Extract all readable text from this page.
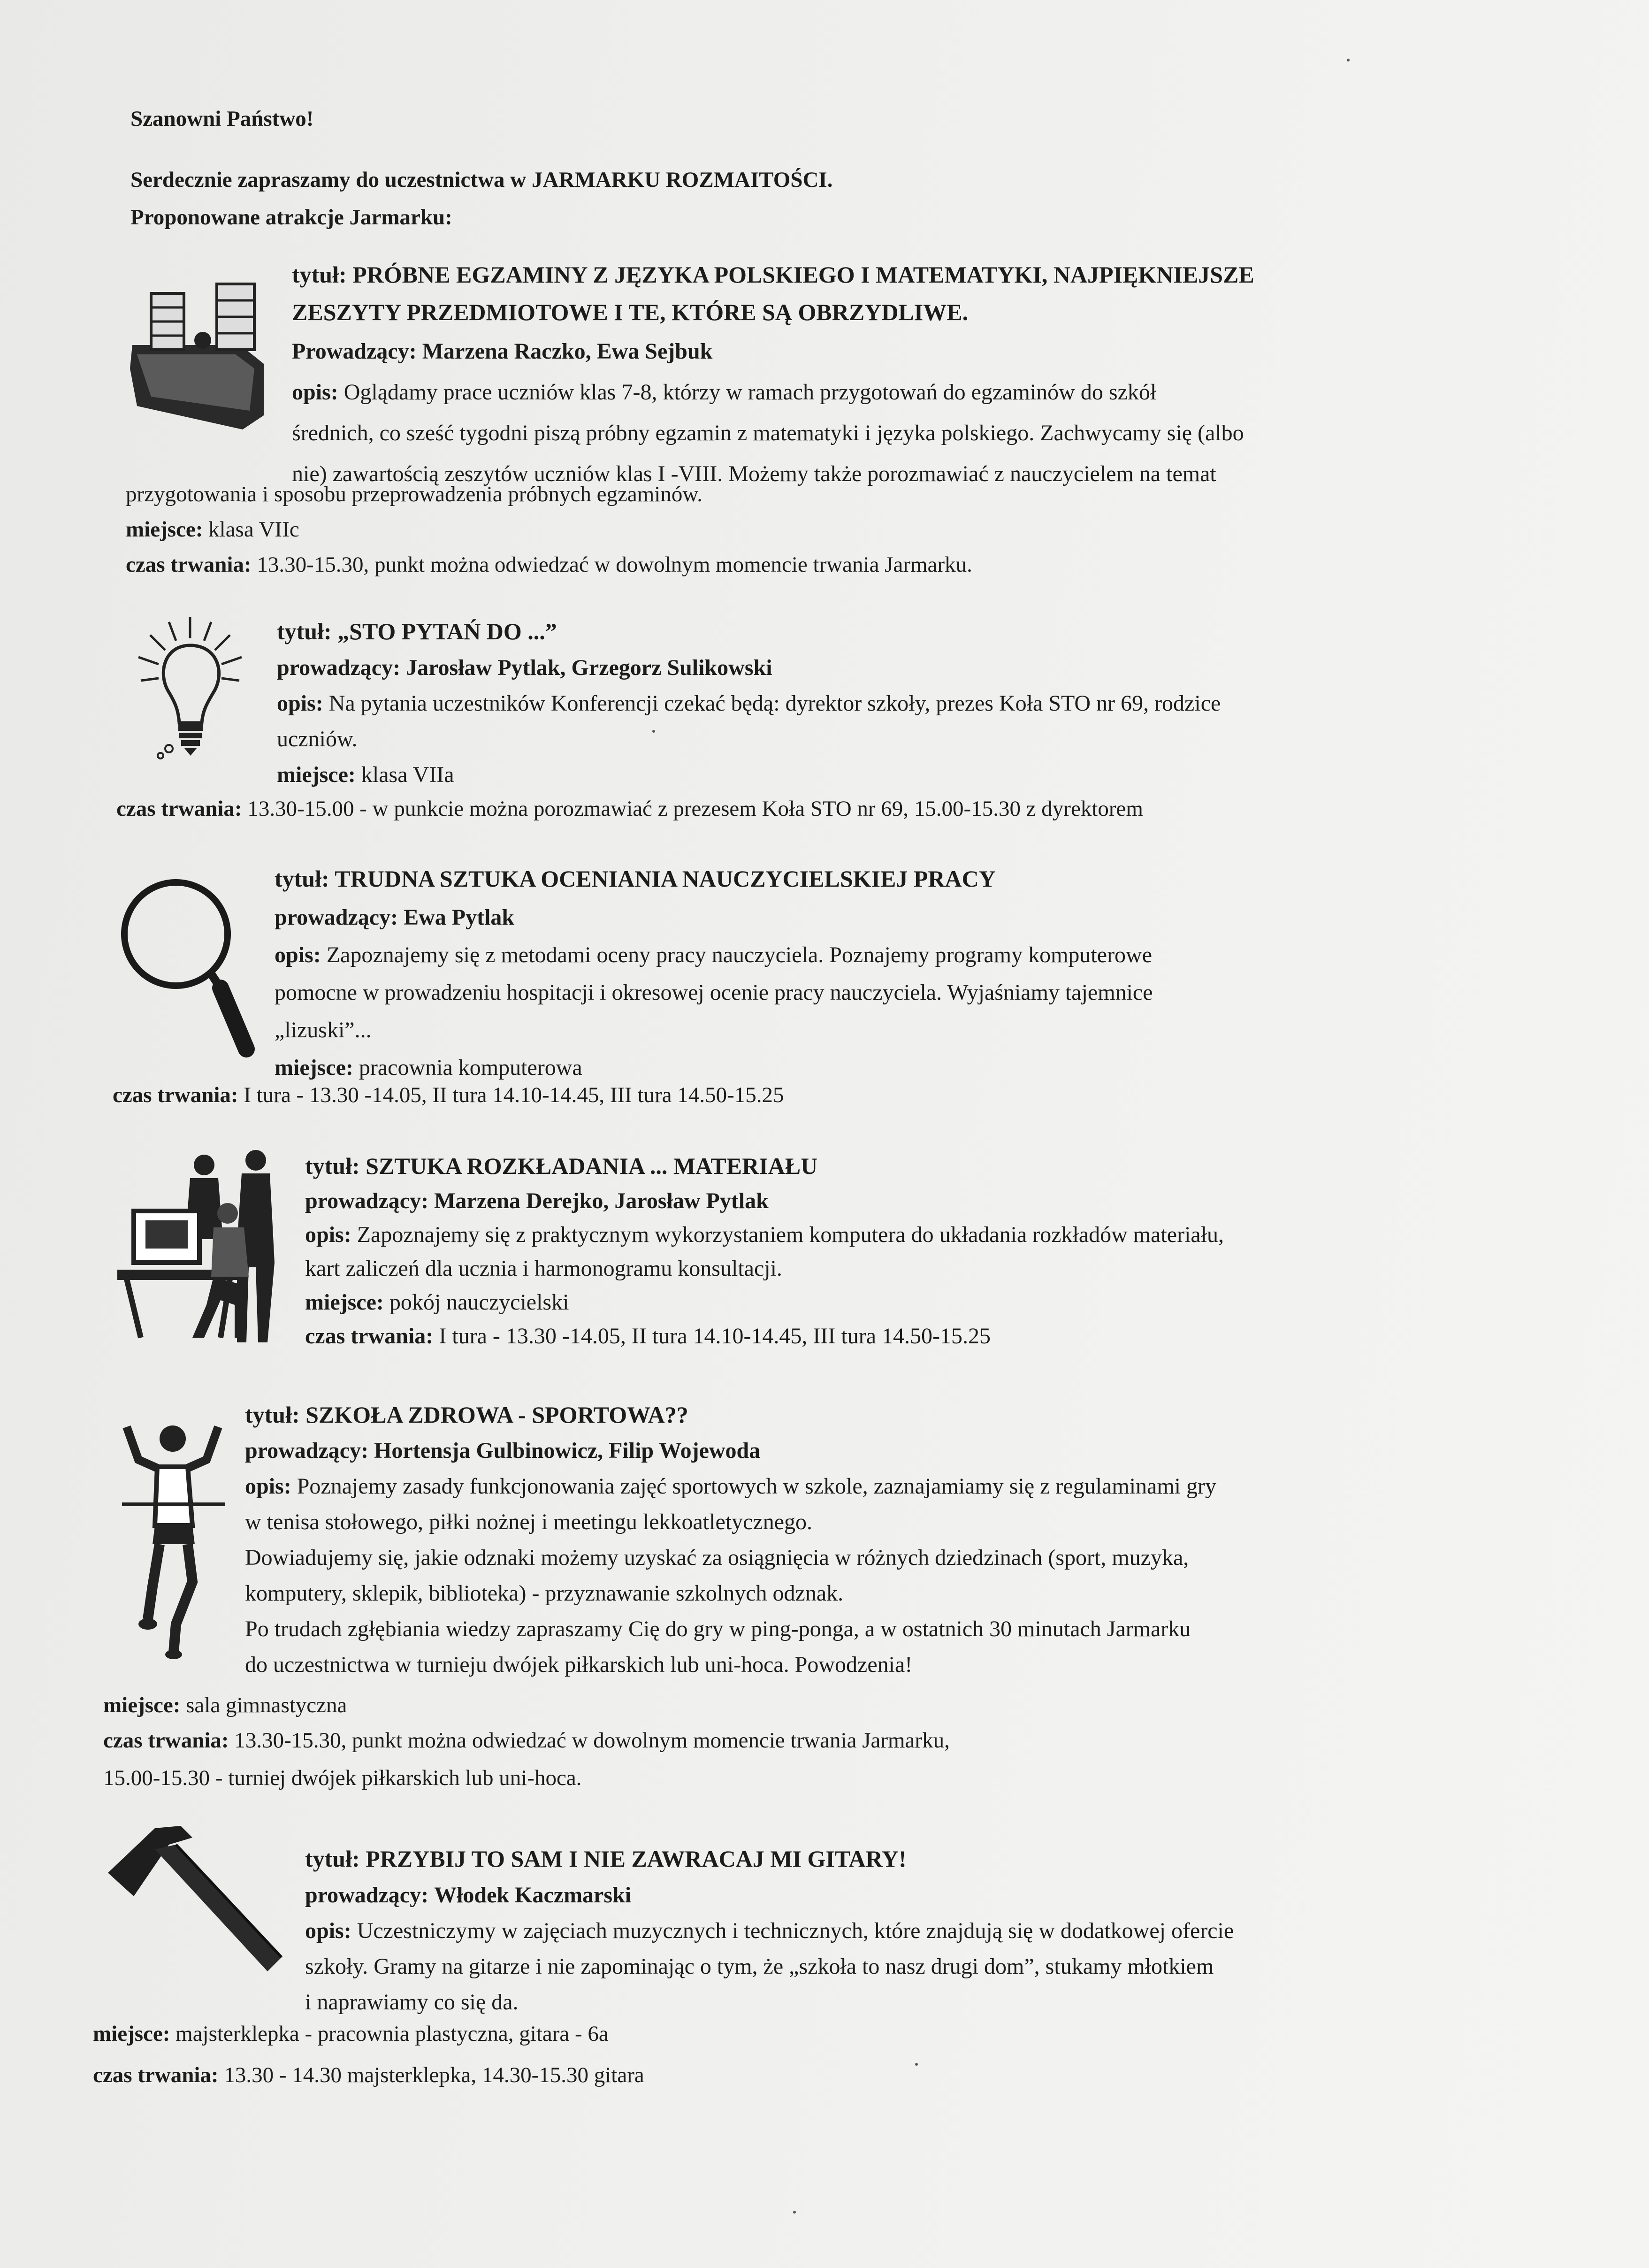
Szanowni Państwo!
Serdecznie zapraszamy do uczestnictwa w JARMARKU ROZMAITOŚCI.
Proponowane atrakcje Jarmarku:
tytuł: PRÓBNE EGZAMINY Z JĘZYKA POLSKIEGO I MATEMATYKI, NAJPIĘKNIEJSZE
ZESZYTY PRZEDMIOTOWE I TE, KTÓRE SĄ OBRZYDLIWE.
Prowadzący: Marzena Raczko, Ewa Sejbuk
opis: Oglądamy prace uczniów klas 7-8, którzy w ramach przygotowań do egzaminów do szkół
średnich, co sześć tygodni piszą próbny egzamin z matematyki i języka polskiego. Zachwycamy się (albo
nie) zawartością zeszytów uczniów klas I -VIII. Możemy także porozmawiać z nauczycielem na temat
przygotowania i sposobu przeprowadzenia próbnych egzaminów.
miejsce: klasa VIIc
czas trwania: 13.30-15.30, punkt można odwiedzać w dowolnym momencie trwania Jarmarku.
tytuł: „STO PYTAŃ DO ...”
prowadzący: Jarosław Pytlak, Grzegorz Sulikowski
opis: Na pytania uczestników Konferencji czekać będą: dyrektor szkoły, prezes Koła STO nr 69, rodzice
uczniów.
miejsce: klasa VIIa
czas trwania: 13.30-15.00 - w punkcie można porozmawiać z prezesem Koła STO nr 69, 15.00-15.30 z dyrektorem
tytuł: TRUDNA SZTUKA OCENIANIA NAUCZYCIELSKIEJ PRACY
prowadzący: Ewa Pytlak
opis: Zapoznajemy się z metodami oceny pracy nauczyciela. Poznajemy programy komputerowe
pomocne w prowadzeniu hospitacji i okresowej ocenie pracy nauczyciela. Wyjaśniamy tajemnice
„lizuski”...
miejsce: pracownia komputerowa
czas trwania: I tura - 13.30 -14.05, II tura 14.10-14.45, III tura 14.50-15.25
tytuł: SZTUKA ROZKŁADANIA ... MATERIAŁU
prowadzący: Marzena Derejko, Jarosław Pytlak
opis: Zapoznajemy się z praktycznym wykorzystaniem komputera do układania rozkładów materiału,
kart zaliczeń dla ucznia i harmonogramu konsultacji.
miejsce: pokój nauczycielski
czas trwania: I tura - 13.30 -14.05, II tura 14.10-14.45, III tura 14.50-15.25
tytuł: SZKOŁA ZDROWA - SPORTOWA??
prowadzący: Hortensja Gulbinowicz, Filip Wojewoda
opis: Poznajemy zasady funkcjonowania zajęć sportowych w szkole, zaznajamiamy się z regulaminami gry
w tenisa stołowego, piłki nożnej i meetingu lekkoatletycznego.
Dowiadujemy się, jakie odznaki możemy uzyskać za osiągnięcia w różnych dziedzinach (sport, muzyka,
komputery, sklepik, biblioteka) - przyznawanie szkolnych odznak.
Po trudach zgłębiania wiedzy zapraszamy Cię do gry w ping-ponga, a w ostatnich 30 minutach Jarmarku
do uczestnictwa w turnieju dwójek piłkarskich lub uni-hoca. Powodzenia!
miejsce: sala gimnastyczna
czas trwania: 13.30-15.30, punkt można odwiedzać w dowolnym momencie trwania Jarmarku,
15.00-15.30 - turniej dwójek piłkarskich lub uni-hoca.
tytuł: PRZYBIJ TO SAM I NIE ZAWRACAJ MI GITARY!
prowadzący: Włodek Kaczmarski
opis: Uczestniczymy w zajęciach muzycznych i technicznych, które znajdują się w dodatkowej ofercie
szkoły. Gramy na gitarze i nie zapominając o tym, że „szkoła to nasz drugi dom”, stukamy młotkiem
i naprawiamy co się da.
miejsce: majsterklepka - pracownia plastyczna, gitara - 6a
czas trwania: 13.30 - 14.30 majsterklepka, 14.30-15.30 gitara
